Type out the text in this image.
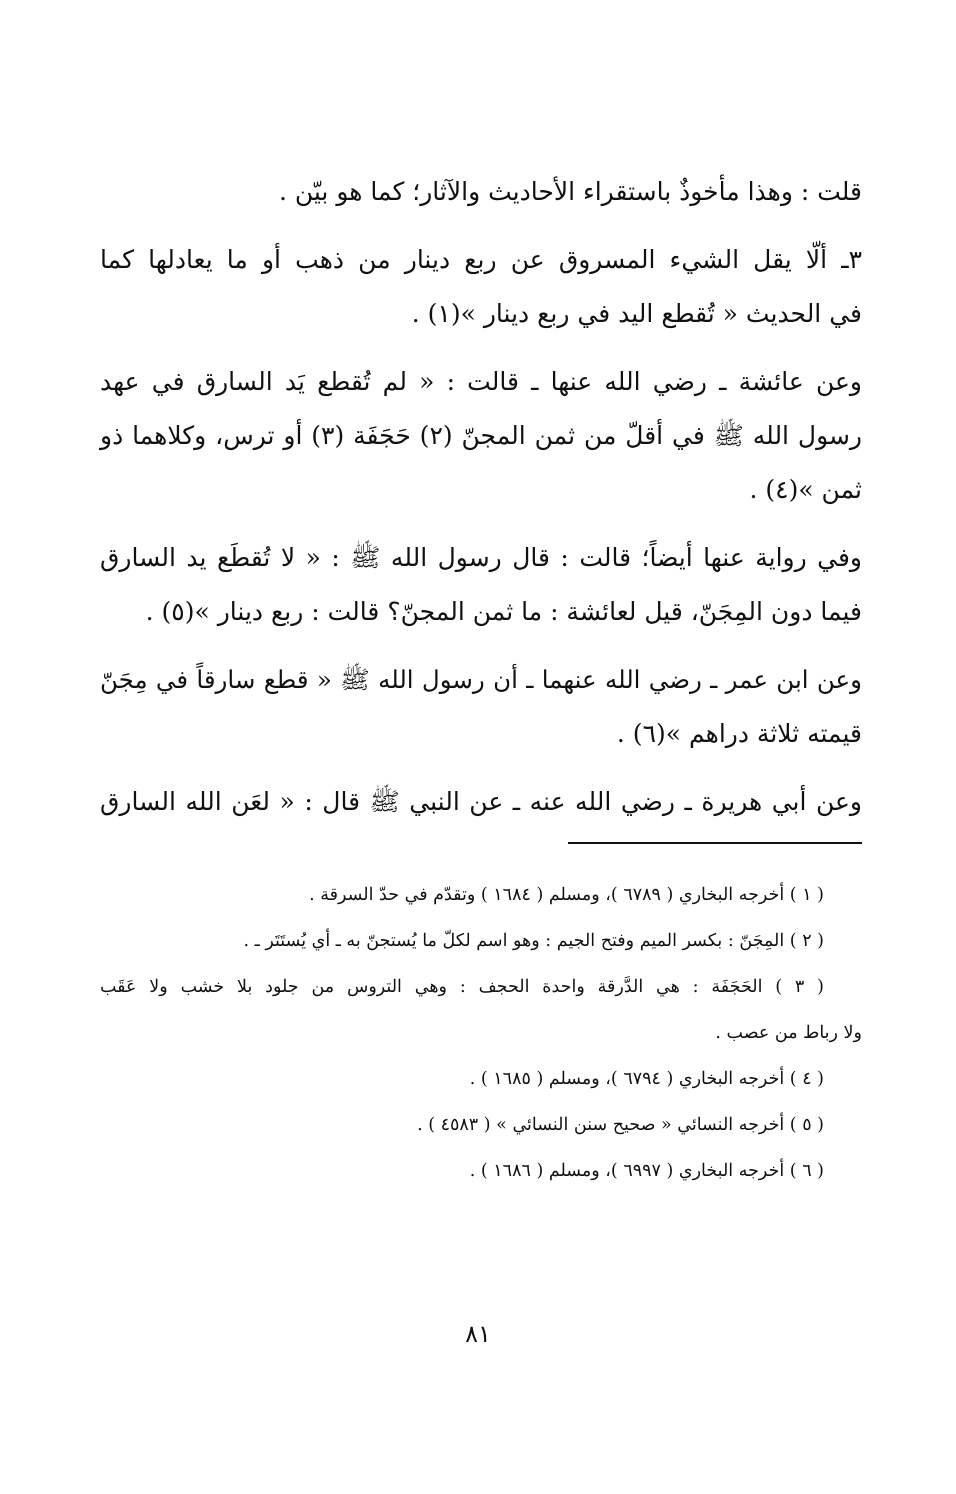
قلت : وهذا مأخوذٌ باستقراء الأحاديث والآثار؛ كما هو بيّن .

٣ـ ألّا يقل الشيء المسروق عن ربع دينار من ذهب أو ما يعادلها كما
في الحديث « تُقطع اليد في ربع دينار »(١) .

وعن عائشة ـ رضي الله عنها ـ قالت : « لم تُقطع يَد السارق في عهد
رسول الله ﷺ في أقلّ من ثمن المجنّ (٢) حَجَفَة (٣) أو ترس، وكلاهما ذو
ثمن »(٤) .

وفي رواية عنها أيضاً؛ قالت : قال رسول الله ﷺ : « لا تُقطَع يد السارق
فيما دون المِجَنّ، قيل لعائشة : ما ثمن المجنّ؟ قالت : ربع دينار »(٥) .

وعن ابن عمر ـ رضي الله عنهما ـ أن رسول الله ﷺ « قطع سارقاً في مِجَنّ
قيمته ثلاثة دراهم »(٦) .

وعن أبي هريرة ـ رضي الله عنه ـ عن النبي ﷺ قال : « لعَن الله السارق

( ١ ) أخرجه البخاري ( ٦٧٨٩ )، ومسلم ( ١٦٨٤ ) وتقدّم في حدّ السرقة .

( ٢ ) المِجَنّ : بكسر الميم وفتح الجيم : وهو اسم لكلّ ما يُستجنّ به ـ أي يُستَتَر ـ .

( ٣ ) الحَجَفَة : هي الدَّرقة واحدة الحجف : وهي التروس من جلود بلا خشب ولا عَقَب
ولا رباط من عصب .

( ٤ ) أخرجه البخاري ( ٦٧٩٤ )، ومسلم ( ١٦٨٥ ) .

( ٥ ) أخرجه النسائي « صحيح سنن النسائي » ( ٤٥٨٣ ) .

( ٦ ) أخرجه البخاري ( ٦٩٩٧ )، ومسلم ( ١٦٨٦ ) .

٨١
